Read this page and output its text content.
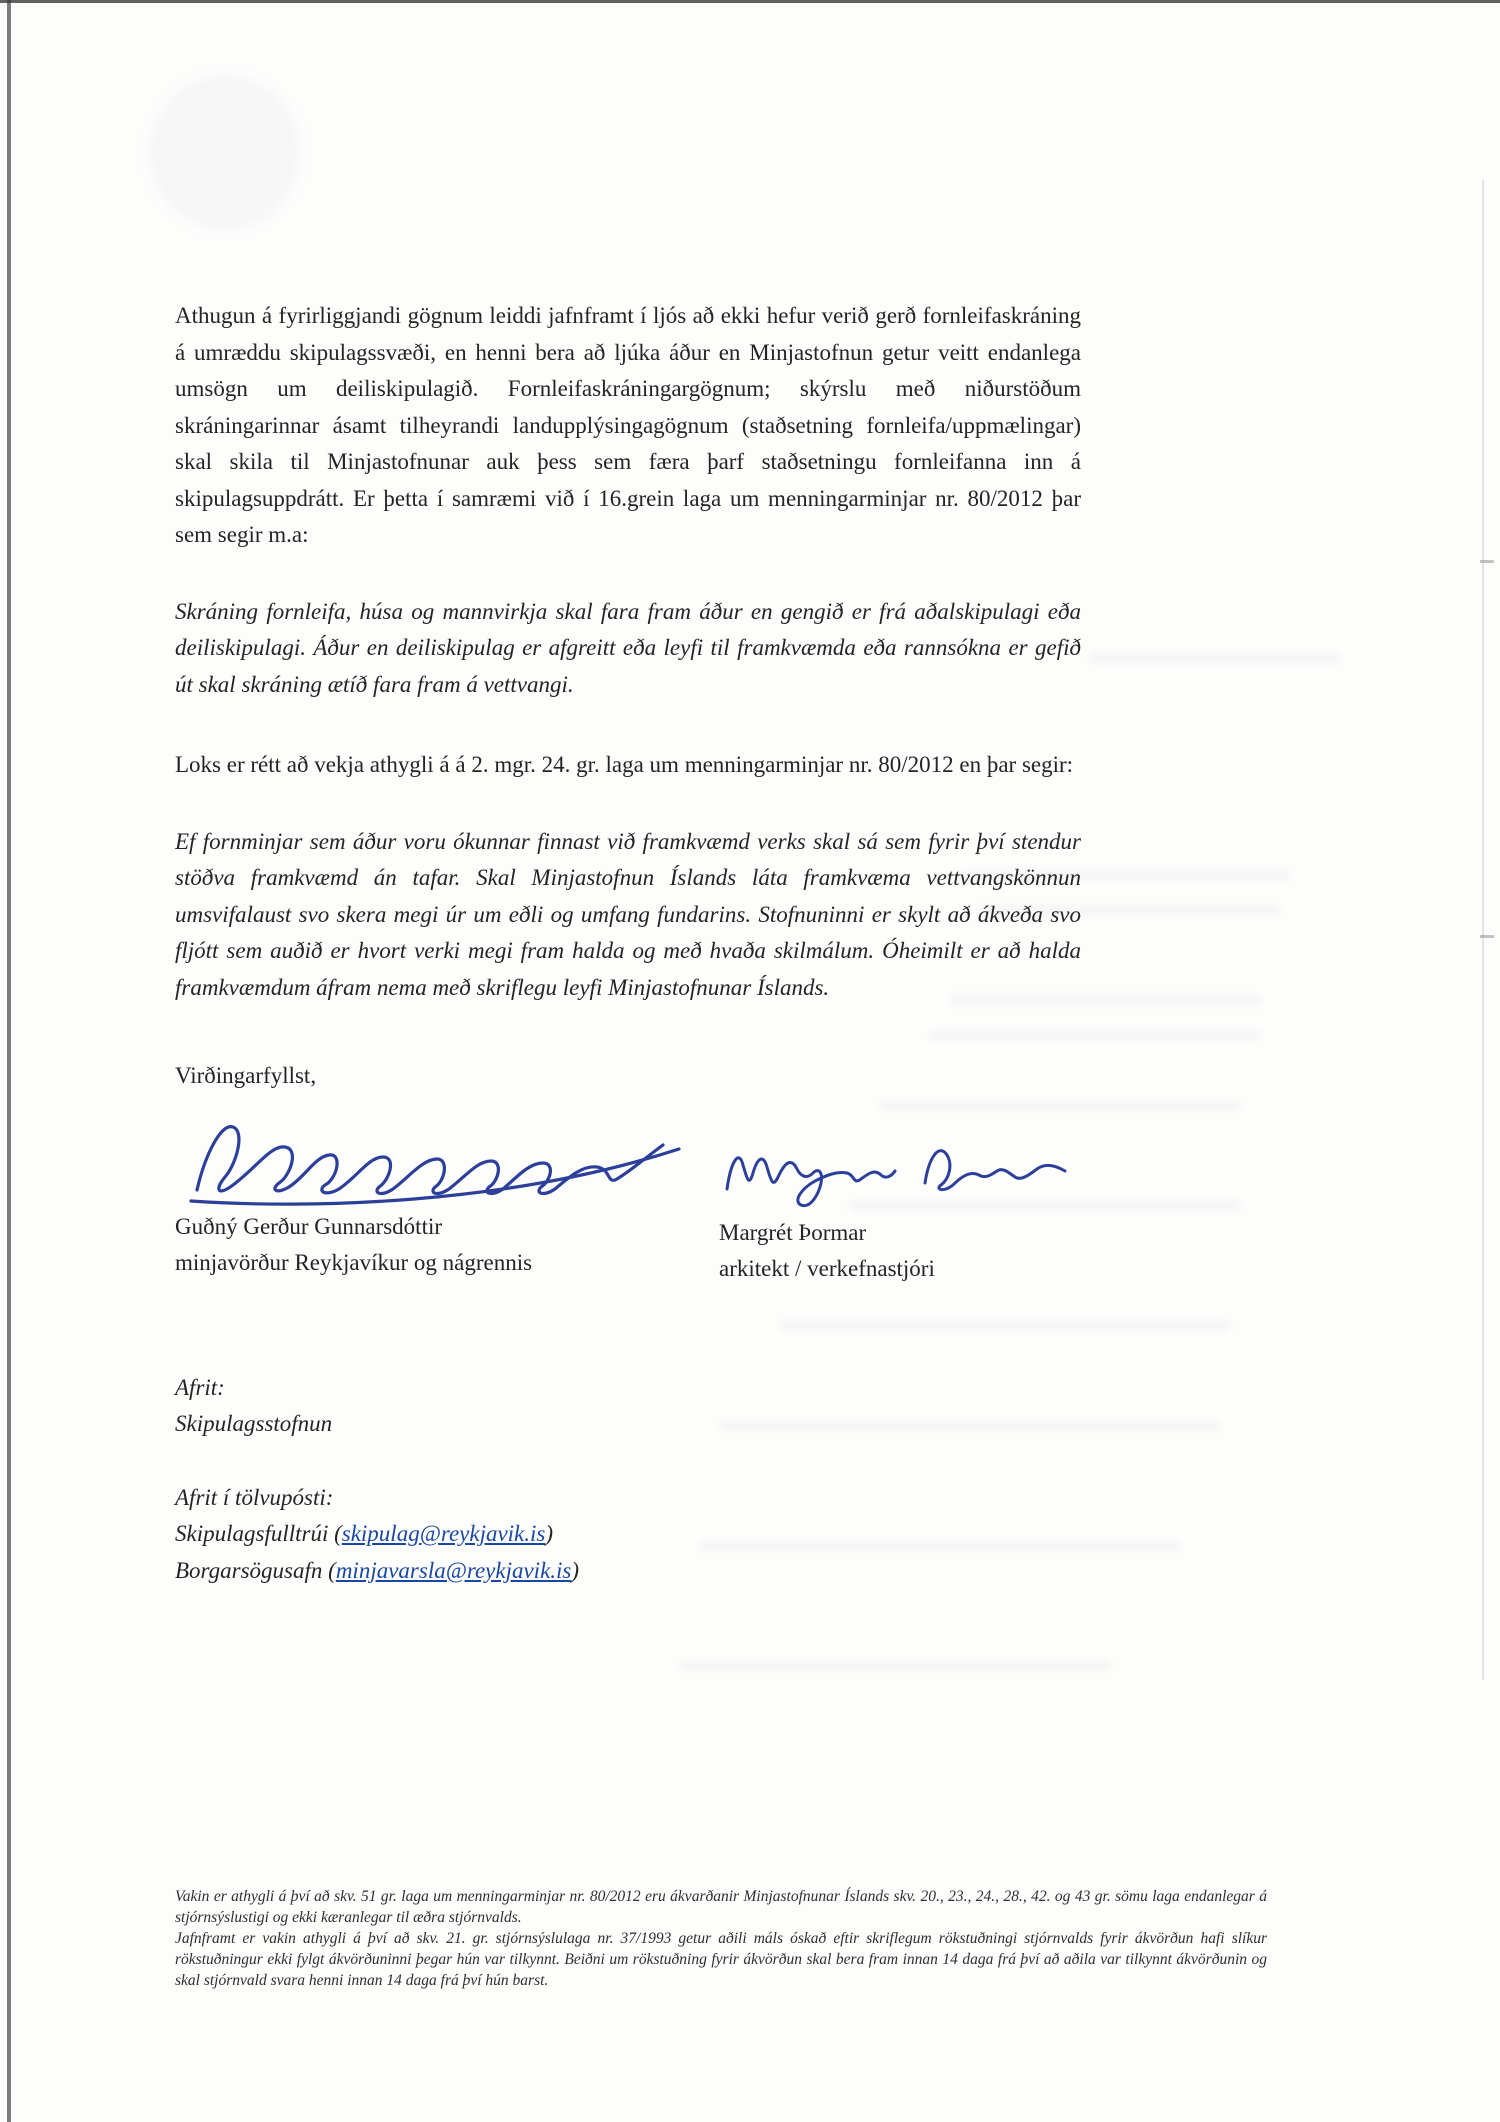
Athugun á fyrirliggjandi gögnum leiddi jafnframt í ljós að ekki hefur verið gerð fornleifaskráning á umræddu skipulagssvæði, en henni bera að ljúka áður en Minjastofnun getur veitt endanlega umsögn um deiliskipulagið. Fornleifaskráningargögnum; skýrslu með niðurstöðum skráningarinnar ásamt tilheyrandi landupplýsingagögnum (staðsetning fornleifa/uppmælingar) skal skila til Minjastofnunar auk þess sem færa þarf staðsetningu fornleifanna inn á skipulagsuppdrátt. Er þetta í samræmi við í 16.grein laga um menningarminjar nr. 80/2012 þar sem segir m.a:

Skráning fornleifa, húsa og mannvirkja skal fara fram áður en gengið er frá aðalskipulagi eða deiliskipulagi. Áður en deiliskipulag er afgreitt eða leyfi til framkvæmda eða rannsókna er gefið út skal skráning ætíð fara fram á vettvangi.

Loks er rétt að vekja athygli á á 2. mgr. 24. gr. laga um menningarminjar nr. 80/2012 en þar segir:

Ef fornminjar sem áður voru ókunnar finnast við framkvæmd verks skal sá sem fyrir því stendur stöðva framkvæmd án tafar. Skal Minjastofnun Íslands láta framkvæma vettvangskönnun umsvifalaust svo skera megi úr um eðli og umfang fundarins. Stofnuninni er skylt að ákveða svo fljótt sem auðið er hvort verki megi fram halda og með hvaða skilmálum. Óheimilt er að halda framkvæmdum áfram nema með skriflegu leyfi Minjastofnunar Íslands.

Virðingarfyllst,

Guðný Gerður Gunnarsdóttir

minjavörður Reykjavíkur og nágrennis

Margrét Þormar

arkitekt / verkefnastjóri

Afrit:

Skipulagsstofnun

Afrit í tölvupósti:

Skipulagsfulltrúi (skipulag@reykjavik.is)

Borgarsögusafn (minjavarsla@reykjavik.is)

Vakin er athygli á því að skv. 51 gr. laga um menningarminjar nr. 80/2012 eru ákvarðanir Minjastofnunar Íslands skv. 20., 23., 24., 28., 42. og 43 gr. sömu laga endanlegar á stjórnsýslustigi og ekki kæranlegar til æðra stjórnvalds.

Jafnframt er vakin athygli á því að skv. 21. gr. stjórnsýslulaga nr. 37/1993 getur aðili máls óskað eftir skriflegum rökstuðningi stjórnvalds fyrir ákvörðun hafi slíkur rökstuðningur ekki fylgt ákvörðuninni þegar hún var tilkynnt. Beiðni um rökstuðning fyrir ákvörðun skal bera fram innan 14 daga frá því að aðila var tilkynnt ákvörðunin og skal stjórnvald svara henni innan 14 daga frá því hún barst.
